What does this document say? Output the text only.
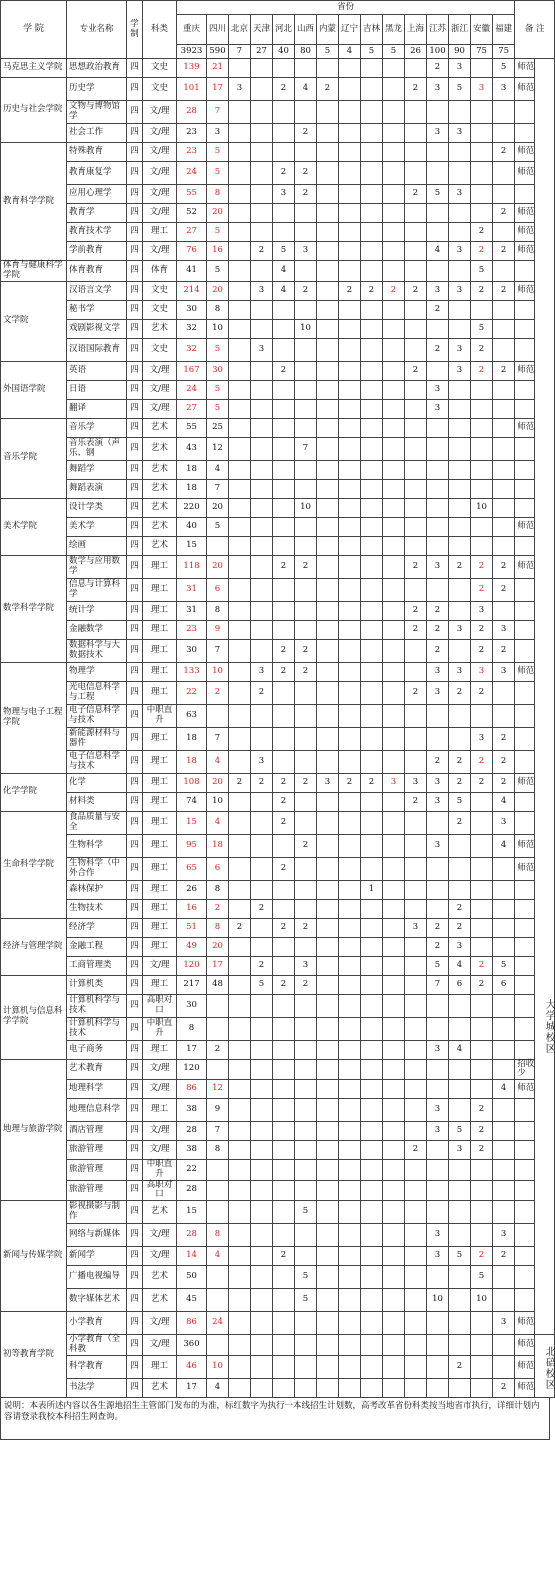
学 院	专业名称	学制	科类	省份															备 注	
				重庆	四川	北京	天津	河北	山西	内蒙	辽宁	吉林	黑龙	上海	江苏	浙江	安徽	福建		
				3923	590	7	27	40	80	5	4	5	5	26	100	90	75	75		
马克思主义学院	思想政治教育	四	文史	139	21										2	3		5	师范	大学城校区
历史与社会学院	历史学	四	文史	101	17	3		2	4	2				2	3	5	3	3	师范	
	文物与博物馆学	四	文/理	28	7															
	社会工作	四	文/理	23	3				2						3	3				
教育科学学院	特殊教育	四	文/理	23	5													2	师范	
	教育康复学	四	文/理	24	5			2	2										师范	
	应用心理学	四	文/理	55	8			3	2					2	5	3				
	教育学	四	文/理	52	20													2	师范	
	教育技术学	四	理工	27	5												2		师范	
	学前教育	四	文/理	76	16		2	5	3						4	3	2	2	师范	
体育与健康科学学院	体育教育	四	体育	41	5			4									5			
文学院	汉语言文学	四	文史	214	20		3	4	2		2	2	2	2	3	3	2	2	师范	
	秘书学	四	文史	30	8										2					
	戏剧影视文学	四	艺术	32	10				10								5			
	汉语国际教育	四	文史	32	5		3								2	3	2			
外国语学院	英语	四	文/理	167	30			2						2		3	2	2	师范	
	日语	四	文/理	24	5										3					
	翻译	四	文/理	27	5										3					
音乐学院	音乐学	四	艺术	55	25														师范	
	音乐表演（声乐、钢	四	艺术	43	12				7											
	舞蹈学	四	艺术	18	4															
	舞蹈表演	四	艺术	18	7															
美术学院	设计学类	四	艺术	220	20				10								10			
	美术学	四	艺术	40	5														师范	
	绘画	四	艺术	15																
数学科学学院	数学与应用数学	四	理工	118	20			2	2					2	3	2	2	2	师范	
	信息与计算科学	四	理工	31	6												2	2		
	统计学	四	理工	31	8									2	2		3			
	金融数学	四	理工	23	9									2	2	3	2	3		
	数据科学与大数据技术	四	理工	30	7			2	2						2		2	2		
物理与电子工程学院	物理学	四	理工	133	10		3	2	2						3	3	3	3	师范	
	光电信息科学与工程	四	理工	22	2		2							2	3	2	2			
	电子信息科学与技术	四	中职直升	63																
	新能源材料与器件	四	理工	18	7												3	2		
	电子信息科学与技术	四	理工	18	4		3								2	2	2	2		
化学学院	化学	四	理工	108	20	2	2	2	2	3	2	2	3	3	3	2	2	2	师范	
	材料类	四	理工	74	10			2						2	3	5		4		
生命科学学院	食品质量与安全	四	理工	15	4			2								2		3		
	生物科学	四	理工	95	18				2						3			4	师范	
	生物科学（中外合作	四	理工	65	6			2											师范	
	森林保护	四	理工	26	8							1								
	生物技术	四	理工	16	2		2									2				
经济与管理学院	经济学	四	理工	51	8	2		2	2					3	2	2				
	金融工程	四	理工	49	20										2	3				
	工商管理类	四	文/理	120	17		2		3						5	4	2	5		
计算机与信息科学学院	计算机类	四	理工	217	48		5	2	2						7	6	2	6		
	计算机科学与技术	四	高职对口	30																
	计算机科学与技术	四	中职直升	8																
	电子商务	四	理工	17	2										3	4				
地理与旅游学院	艺术教育	四	文/理	120															招收少	
	地理科学	四	文/理	86	12													4	师范	
	地理信息科学	四	理工	38	9										3		2			
	酒店管理	四	文/理	28	7										3	5	2			
	旅游管理	四	文/理	38	8									2		3	2			
	旅游管理	四	中职直升	22																
	旅游管理	四	高职对口	28																
新闻与传媒学院	影视摄影与制作	四	艺术	15					5											
	网络与新媒体	四	文/理	28	8										3			3		
	新闻学	四	文/理	14	4			2							3	5	2	2		
	广播电视编导	四	艺术	50					5								5			
	数字媒体艺术	四	艺术	45					5						10		10			
初等教育学院	小学教育	四	文/理	86	24													3	师范	
	小学教育（全科教	四	文/理	360															师范	北碚校区
	科学教育	四	理工	46	10											2			师范	
	书法学	四	艺术	17	4													2	师范	
说明：本表所述内容以各生源地招生主管部门发布的为准，标红数字为执行一本线招生计划数，高考改革省份科类按当地省市执行，详细计划内容请登录我校本科招生网查询。
